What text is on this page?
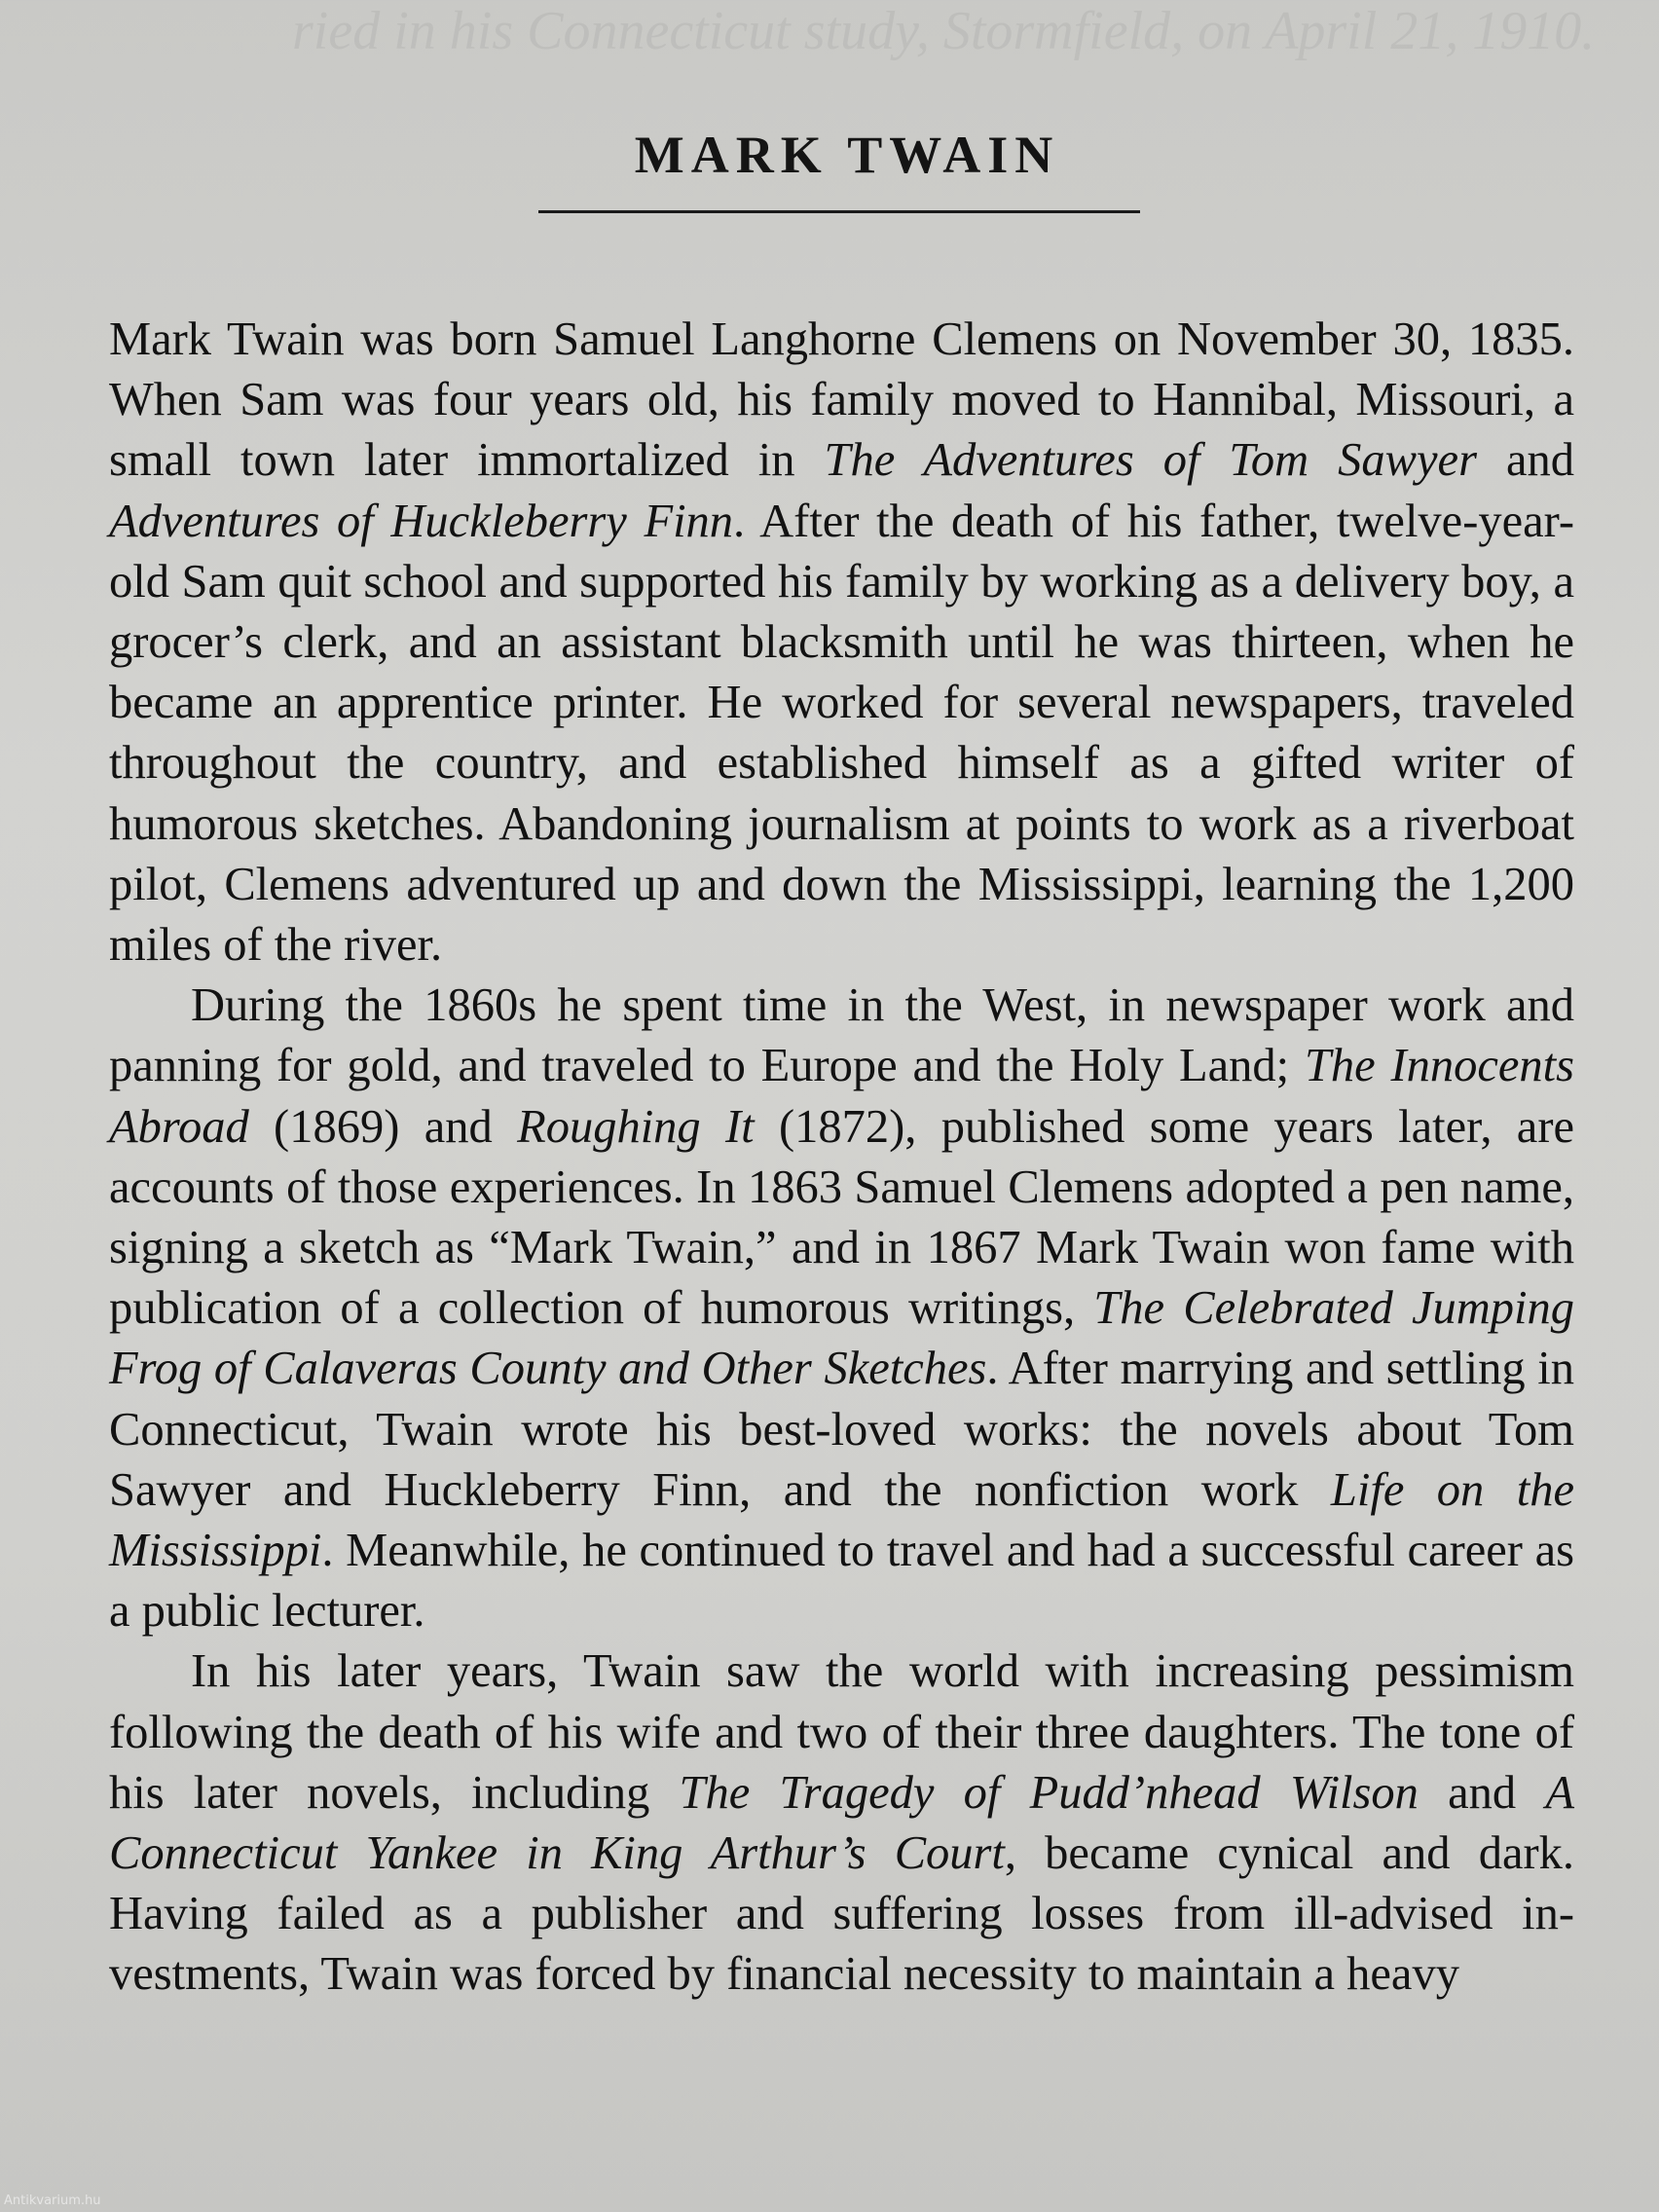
ried in his Connecticut study, Stormfield, on April 21, 1910.
MARK TWAIN

Mark Twain was born Samuel Langhorne Clemens on November 30, 1835. When Sam was four years old, his family moved to Hannibal, Missouri, a small town later immortalized in The Adventures of Tom Sawyer and Adventures of Huckleberry Finn. After the death of his father, twelve-year-old Sam quit school and supported his family by working as a delivery boy, a grocer’s clerk, and an assistant blacksmith until he was thirteen, when he became an apprentice printer. He worked for several newspapers, traveled throughout the country, and established himself as a gifted writer of humorous sketches. Abandoning journalism at points to work as a riverboat pilot, Clemens adventured up and down the Mississippi, learning the 1,200 miles of the river.

During the 1860s he spent time in the West, in newspaper work and panning for gold, and traveled to Europe and the Holy Land; The Innocents Abroad (1869) and Roughing It (1872), published some years later, are accounts of those experiences. In 1863 Samuel Clemens adopted a pen name, signing a sketch as “Mark Twain,” and in 1867 Mark Twain won fame with publication of a collection of humorous writings, The Celebrated Jumping Frog of Calaveras County and Other Sketches. After marrying and settling in Connecticut, Twain wrote his best-loved works: the novels about Tom Sawyer and Huckleberry Finn, and the nonfiction work Life on the Mississippi. Meanwhile, he continued to travel and had a successful career as a public lecturer.

In his later years, Twain saw the world with increasing pessimism following the death of his wife and two of their three daughters. The tone of his later novels, including The Tragedy of Pudd’nhead Wilson and A Connecticut Yankee in King Arthur’s Court, became cynical and dark. Having failed as a publisher and suffering losses from ill-advised investments, Twain was forced by financial necessity to maintain a heavy

Antikvarium.hu
